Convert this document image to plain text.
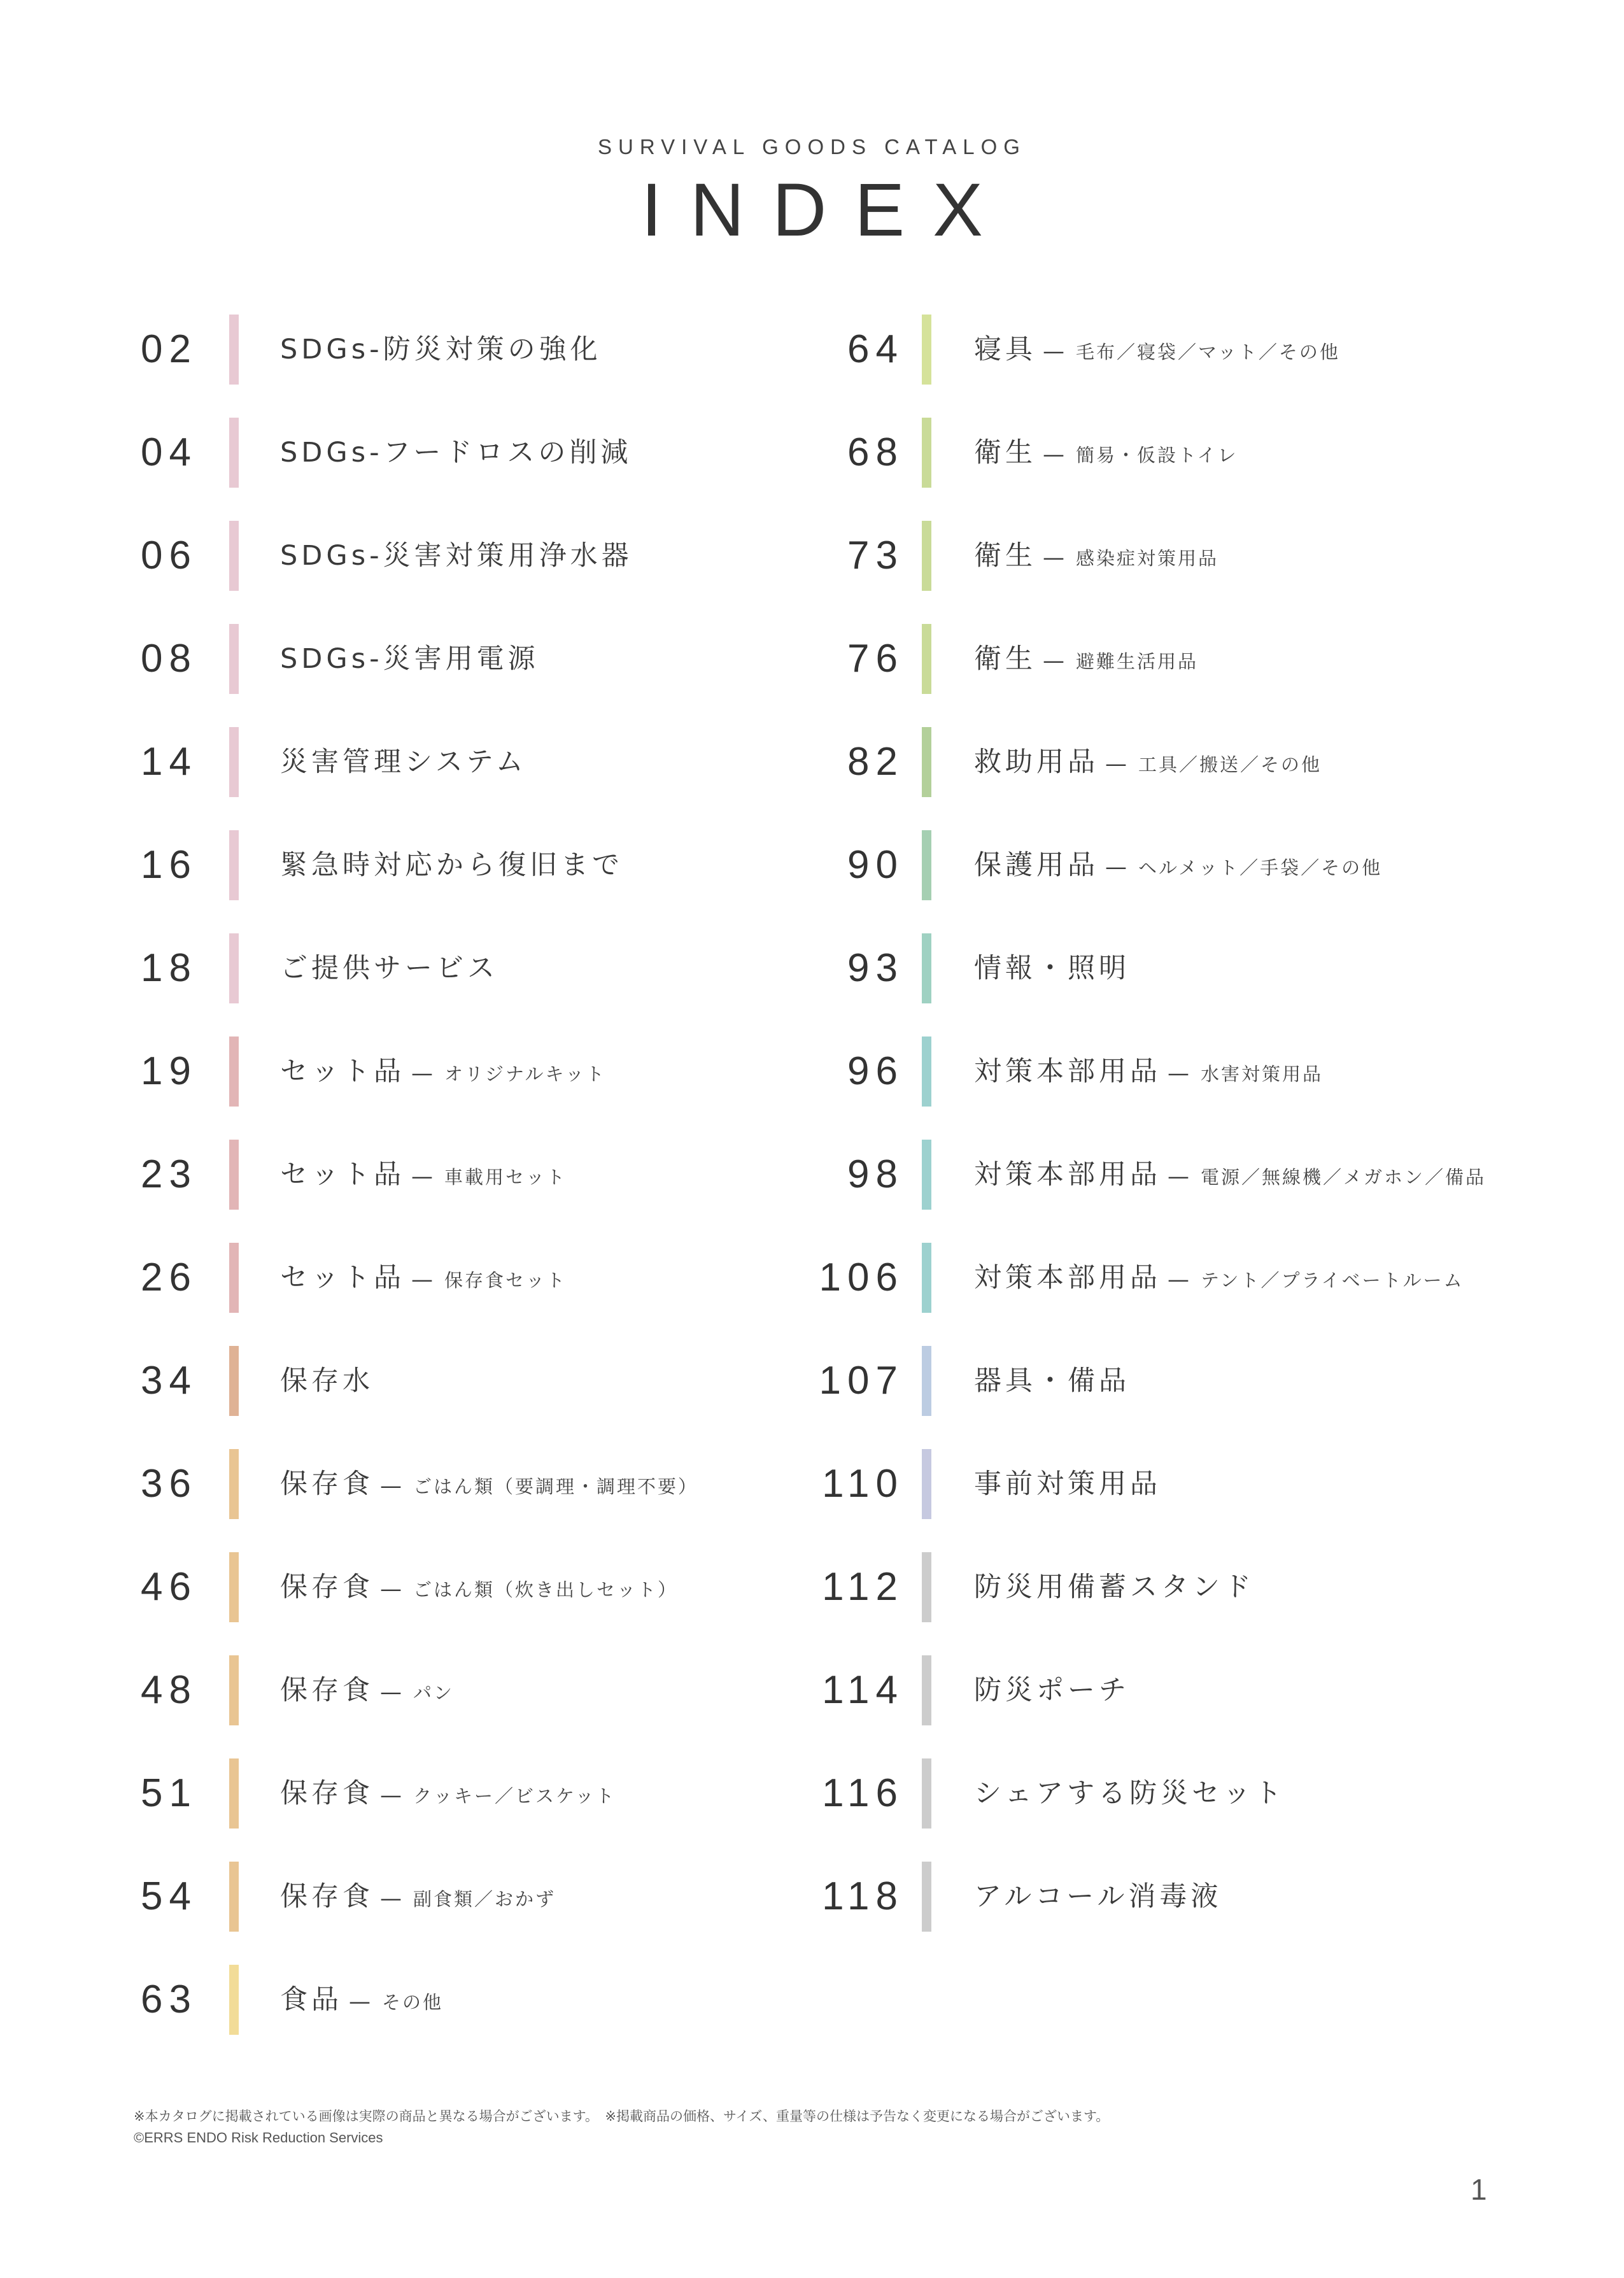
SURVIVAL GOODS CATALOG
INDEX
02	SDGs-防災対策の強化
04	SDGs-フードロスの削減
06	SDGs-災害対策用浄水器
08	SDGs-災害用電源
14	災害管理システム
16	緊急時対応から復旧まで
18	ご提供サービス
19	セット品 — オリジナルキット
23	セット品 — 車載用セット
26	セット品 — 保存食セット
34	保存水
36	保存食 — ごはん類（要調理・調理不要）
46	保存食 — ごはん類（炊き出しセット）
48	保存食 — パン
51	保存食 — クッキー／ビスケット
54	保存食 — 副食類／おかず
63	食品 — その他
64	寝具 — 毛布／寝袋／マット／その他
68	衛生 — 簡易・仮設トイレ
73	衛生 — 感染症対策用品
76	衛生 — 避難生活用品
82	救助用品 — 工具／搬送／その他
90	保護用品 — ヘルメット／手袋／その他
93	情報・照明
96	対策本部用品 — 水害対策用品
98	対策本部用品 — 電源／無線機／メガホン／備品
106	対策本部用品 — テント／プライベートルーム
107	器具・備品
110	事前対策用品
112	防災用備蓄スタンド
114	防災ポーチ
116	シェアする防災セット
118	アルコール消毒液
※本カタログに掲載されている画像は実際の商品と異なる場合がございます。　※掲載商品の価格、サイズ、重量等の仕様は予告なく変更になる場合がございます。
©ERRS ENDO Risk Reduction Services
1
